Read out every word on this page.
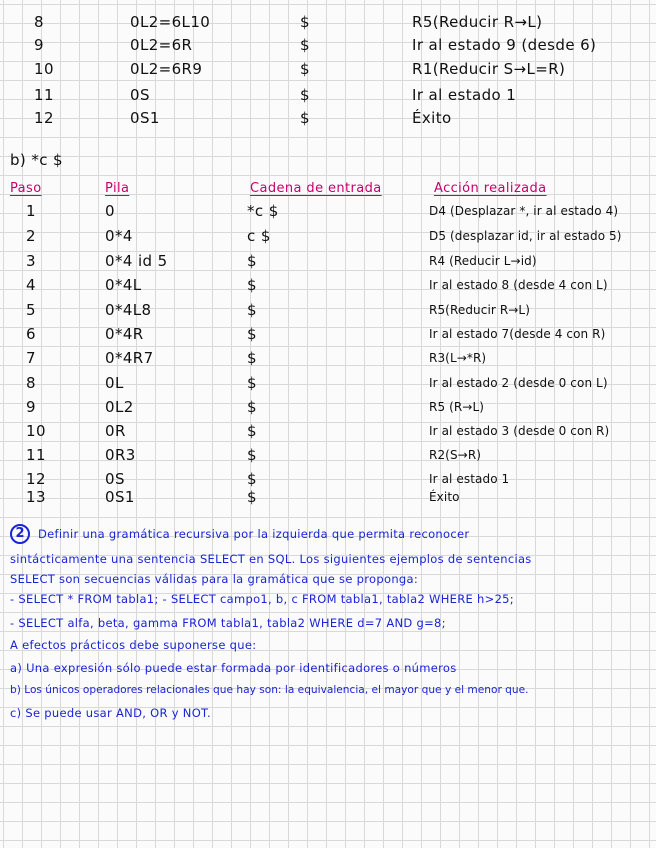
8	0L2=6L10	$	R5(Reducir R→L)
9	0L2=6R	$	Ir al estado 9 (desde 6)
10	0L2=6R9	$	R1(Reducir S→L=R)
11	0S	$	Ir al estado 1
12	0S1	$	Éxito
b) *c $
Paso	Pila	Cadena de entrada	Acción realizada
1	0	*c $	D4 (Desplazar *, ir al estado 4)
2	0*4	c $	D5 (desplazar id, ir al estado 5)
3	0*4 id 5	$	R4 (Reducir L→id)
4	0*4L	$	Ir al estado 8 (desde 4 con L)
5	0*4L8	$	R5(Reducir R→L)
6	0*4R	$	Ir al estado 7(desde 4 con R)
7	0*4R7	$	R3(L→*R)
8	0L	$	Ir al estado 2 (desde 0 con L)
9	0L2	$	R5 (R→L)
10	0R	$	Ir al estado 3 (desde 0 con R)
11	0R3	$	R2(S→R)
12	0S	$	Ir al estado 1
13	0S1	$	Éxito
2	Definir una gramática recursiva por la izquierda que permita reconocer
sintácticamente una sentencia SELECT en SQL. Los siguientes ejemplos de sentencias
SELECT son secuencias válidas para la gramática que se proponga:
- SELECT * FROM tabla1; - SELECT campo1, b, c FROM tabla1, tabla2 WHERE h>25;
- SELECT alfa, beta, gamma FROM tabla1, tabla2 WHERE d=7 AND g=8;
A efectos prácticos debe suponerse que:
a) Una expresión sólo puede estar formada por identificadores o números
b) Los únicos operadores relacionales que hay son: la equivalencia, el mayor que y el menor que.
c) Se puede usar AND, OR y NOT.
